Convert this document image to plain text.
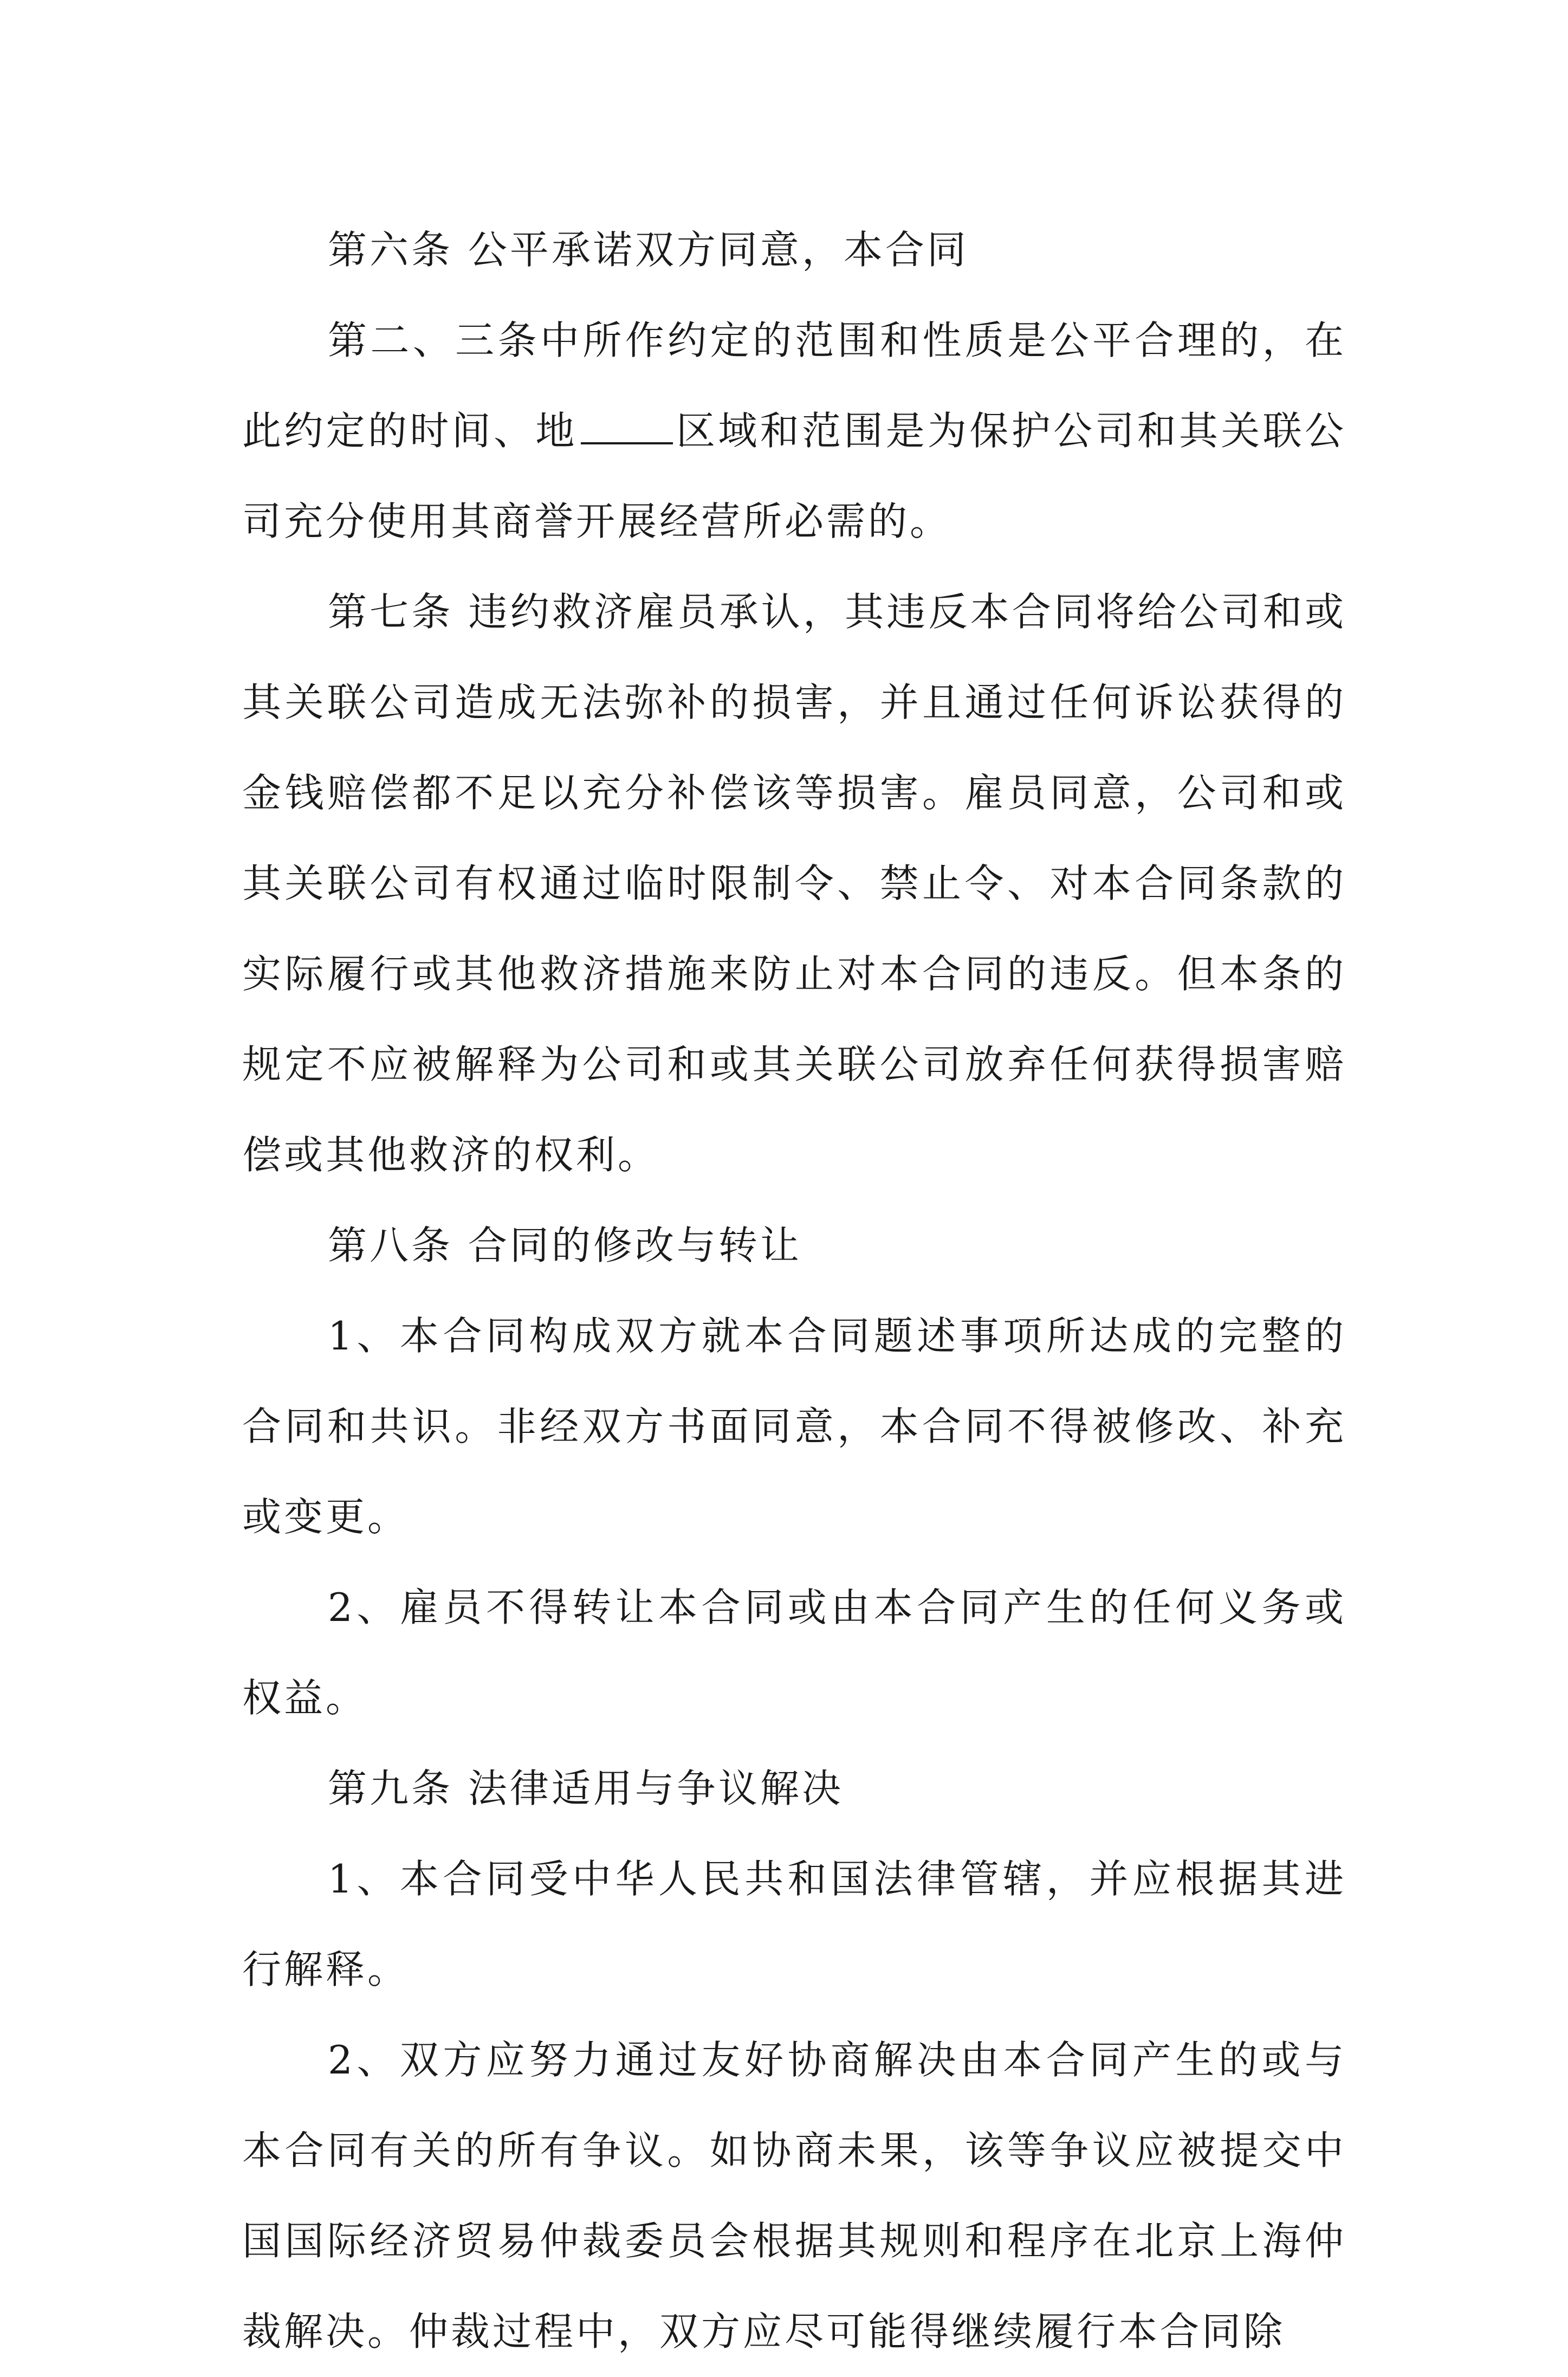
第六条 公平承诺双方同意，本合同

第二、三条中所作约定的范围和性质是公平合理的，在此约定的时间、地	区域和范围是为保护公司和其关联公司充分使用其商誉开展经营所必需的。

第七条 违约救济雇员承认，其违反本合同将给公司和或其关联公司造成无法弥补的损害，并且通过任何诉讼获得的金钱赔偿都不足以充分补偿该等损害。雇员同意，公司和或其关联公司有权通过临时限制令、禁止令、对本合同条款的实际履行或其他救济措施来防止对本合同的违反。但本条的规定不应被解释为公司和或其关联公司放弃任何获得损害赔偿或其他救济的权利。

第八条 合同的修改与转让

1、本合同构成双方就本合同题述事项所达成的完整的合同和共识。非经双方书面同意，本合同不得被修改、补充或变更。

2、雇员不得转让本合同或由本合同产生的任何义务或权益。

第九条 法律适用与争议解决

1、本合同受中华人民共和国法律管辖，并应根据其进行解释。

2、双方应努力通过友好协商解决由本合同产生的或与本合同有关的所有争议。如协商未果，该等争议应被提交中国国际经济贸易仲裁委员会根据其规则和程序在北京上海仲裁解决。仲裁过程中，双方应尽可能得继续履行本合同除
